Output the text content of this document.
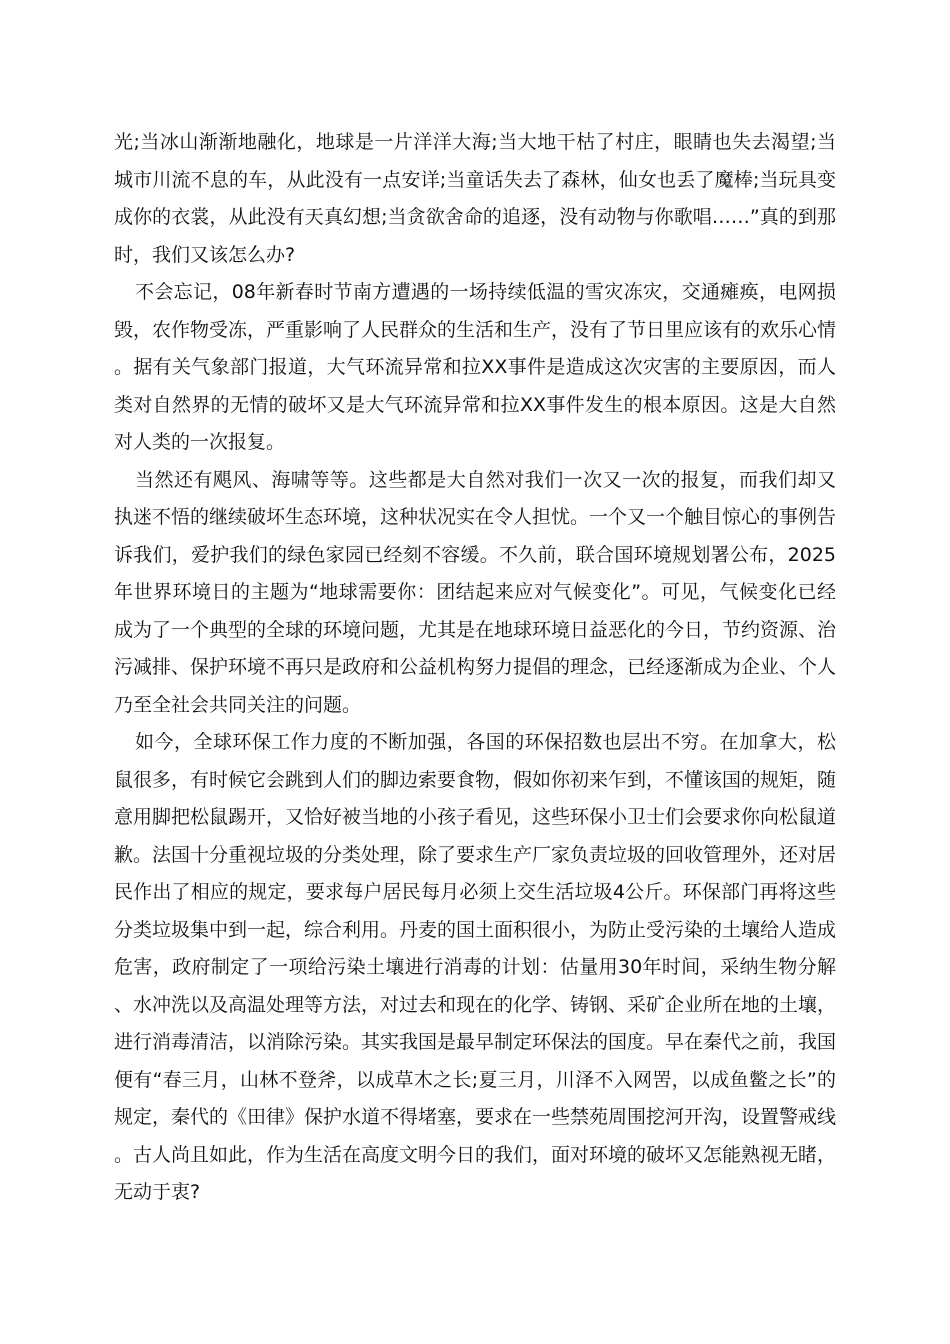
光;当冰山渐渐地融化，地球是一片洋洋大海;当大地干枯了村庄，眼睛也失去渴望;当城市川流不息的车，从此没有一点安详;当童话失去了森林，仙女也丢了魔棒;当玩具变成你的衣裳，从此没有天真幻想;当贪欲舍命的追逐，没有动物与你歌唱……”真的到那时，我们又该怎么办?

不会忘记，08年新春时节南方遭遇的一场持续低温的雪灾冻灾，交通瘫痪，电网损毁，农作物受冻，严重影响了人民群众的生活和生产，没有了节日里应该有的欢乐心情。据有关气象部门报道，大气环流异常和拉XX事件是造成这次灾害的主要原因，而人类对自然界的无情的破坏又是大气环流异常和拉XX事件发生的根本原因。这是大自然对人类的一次报复。

当然还有飓风、海啸等等。这些都是大自然对我们一次又一次的报复，而我们却又执迷不悟的继续破坏生态环境，这种状况实在令人担忧。一个又一个触目惊心的事例告诉我们，爱护我们的绿色家园已经刻不容缓。不久前，联合国环境规划署公布，2025年世界环境日的主题为“地球需要你：团结起来应对气候变化”。可见，气候变化已经成为了一个典型的全球的环境问题，尤其是在地球环境日益恶化的今日，节约资源、治污减排、保护环境不再只是政府和公益机构努力提倡的理念，已经逐渐成为企业、个人乃至全社会共同关注的问题。

如今，全球环保工作力度的不断加强，各国的环保招数也层出不穷。在加拿大，松鼠很多，有时候它会跳到人们的脚边索要食物，假如你初来乍到，不懂该国的规矩，随意用脚把松鼠踢开，又恰好被当地的小孩子看见，这些环保小卫士们会要求你向松鼠道歉。法国十分重视垃圾的分类处理，除了要求生产厂家负责垃圾的回收管理外，还对居民作出了相应的规定，要求每户居民每月必须上交生活垃圾4公斤。环保部门再将这些分类垃圾集中到一起，综合利用。丹麦的国土面积很小，为防止受污染的土壤给人造成危害，政府制定了一项给污染土壤进行消毒的计划：估量用30年时间，采纳生物分解、水冲洗以及高温处理等方法，对过去和现在的化学、铸钢、采矿企业所在地的土壤，进行消毒清洁，以消除污染。其实我国是最早制定环保法的国度。早在秦代之前，我国便有“春三月，山林不登斧，以成草木之长;夏三月，川泽不入网罟，以成鱼鳖之长”的规定，秦代的《田律》保护水道不得堵塞，要求在一些禁苑周围挖河开沟，设置警戒线。古人尚且如此，作为生活在高度文明今日的我们，面对环境的破坏又怎能熟视无睹，无动于衷?
